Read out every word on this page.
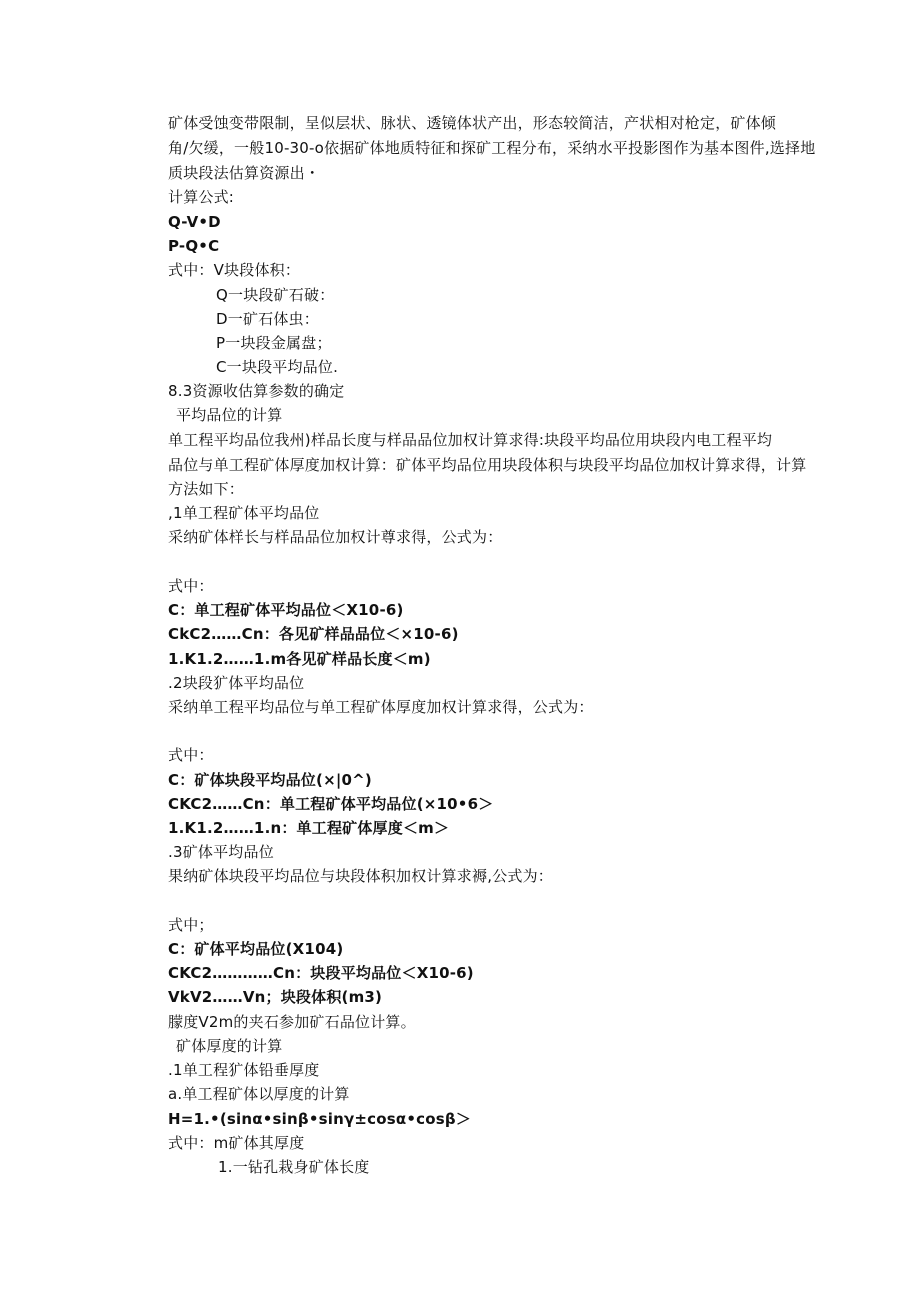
矿体受蚀变带限制，呈似层状、脉状、透镜体状产出，形态较简洁，产状相对枪定，矿体倾

角/欠缓，一般10-30-o依据矿体地质特征和探矿工程分布，采纳水平投影图作为基本图件,选择地

质块段法估算资源出・

计算公式:

Q-V•D

P-Q•C

式中：V块段体积：

Q一块段矿石破：

D一矿石体虫：

P一块段金属盘；

C一块段平均品位.

8.3资源收估算参数的确定

平均品位的计算

单工程平均品位我州)样品长度与样品品位加权计算求得:块段平均品位用块段内电工程平均

品位与单工程矿体厚度加权计算：矿体平均品位用块段体积与块段平均品位加权计算求得，计算

方法如下：

,1单工程矿体平均品位

采纳矿体样长与样品品位加权计尊求得，公式为：

式中：

C：单工程矿体平均品位＜X10-6)

CkC2……Cn：各见矿样品品位＜×10-6)

1.K1.2……1.m各见矿样品长度＜m)

.2块段犷体平均品位

采纳单工程平均品位与单工程矿体厚度加权计算求得，公式为：

式中：

C：矿体块段平均品位(×|0^)

CKC2……Cn：单工程矿体平均品位(×10•6＞

1.K1.2……1.n：单工程矿体厚度＜m＞

.3矿体平均品位

果纳矿体块段平均品位与块段体积加权计算求褥,公式为：

式中；

C：矿体平均品位(X104)

CKC2…………Cn：块段平均品位＜X10-6)

VkV2……Vn；块段体积(m3)

朦度V2m的夹石参加矿石品位计算。

矿体厚度的计算

.1单工程犷体铅垂厚度

a.单工程矿体以厚度的计算

H=1.•(sinα•sinβ•sinγ±cosα•cosβ＞

式中：m矿体其厚度

1.一钻孔栽身矿体长度
